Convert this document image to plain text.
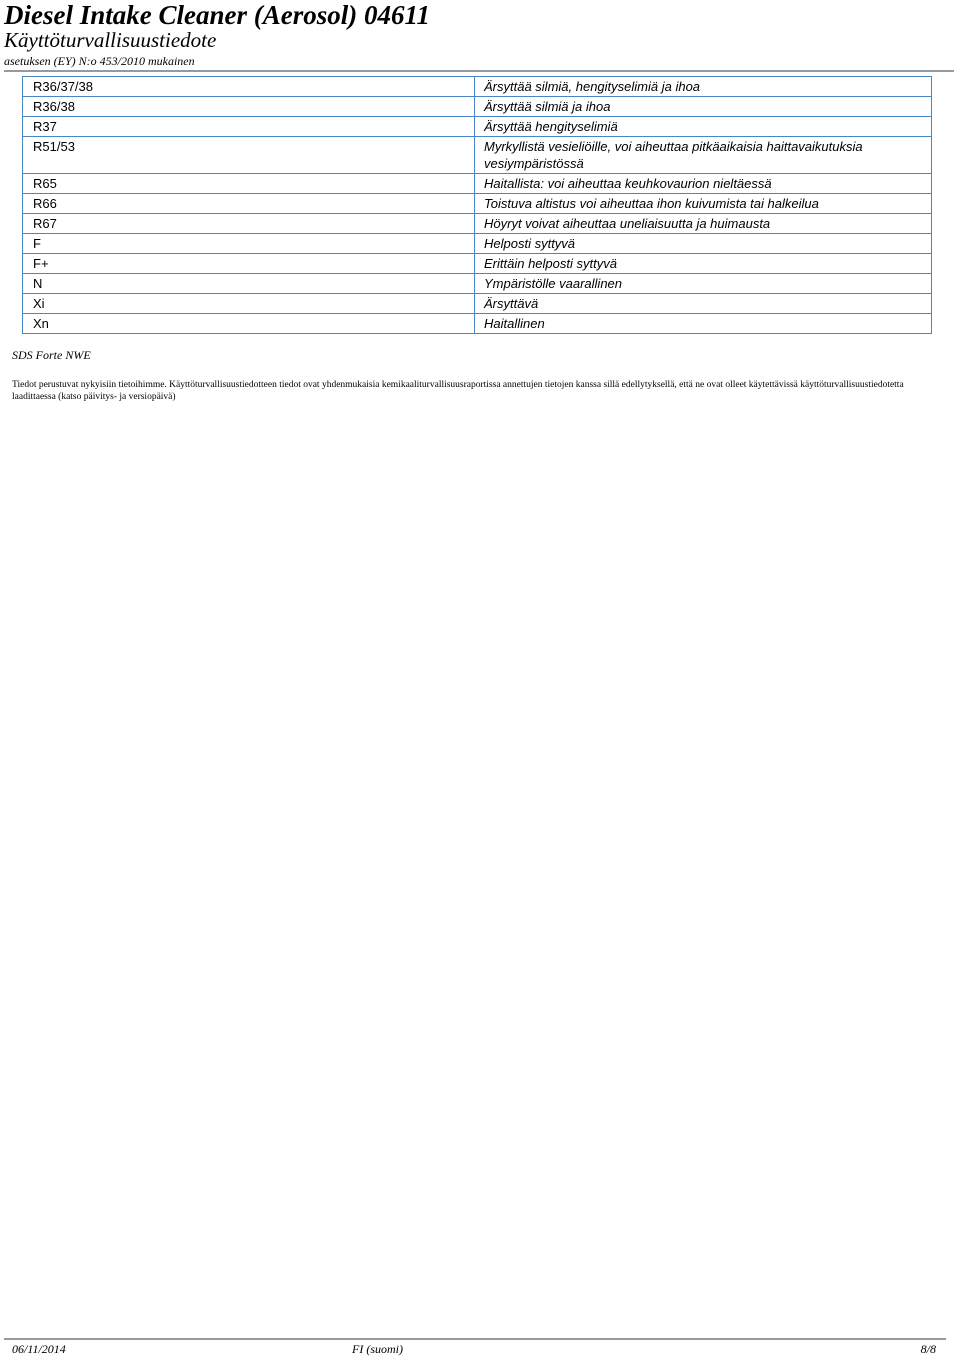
Diesel Intake Cleaner (Aerosol) 04611
Käyttöturvallisuustiedote
asetuksen (EY) N:o 453/2010 mukainen
R36/37/38	Ärsyttää silmiä, hengityselimiä ja ihoa
R36/38	Ärsyttää silmiä ja ihoa
R37	Ärsyttää hengityselimiä
R51/53	Myrkyllistä vesieliöille, voi aiheuttaa pitkäaikaisia haittavaikutuksia vesiympäristössä
R65	Haitallista: voi aiheuttaa keuhkovaurion nieltäessä
R66	Toistuva altistus voi aiheuttaa ihon kuivumista tai halkeilua
R67	Höyryt voivat aiheuttaa uneliaisuutta ja huimausta
F	Helposti syttyvä
F+	Erittäin helposti syttyvä
N	Ympäristölle vaarallinen
Xi	Ärsyttävä
Xn	Haitallinen
SDS Forte NWE
Tiedot perustuvat nykyisiin tietoihimme. Käyttöturvallisuustiedotteen tiedot ovat yhdenmukaisia kemikaaliturvallisuusraportissa annettujen tietojen kanssa sillä edellytyksellä, että ne ovat olleet käytettävissä käyttöturvallisuustiedotetta laadittaessa (katso päivitys- ja versiopäivä)
06/11/2014	FI (suomi)	8/8
